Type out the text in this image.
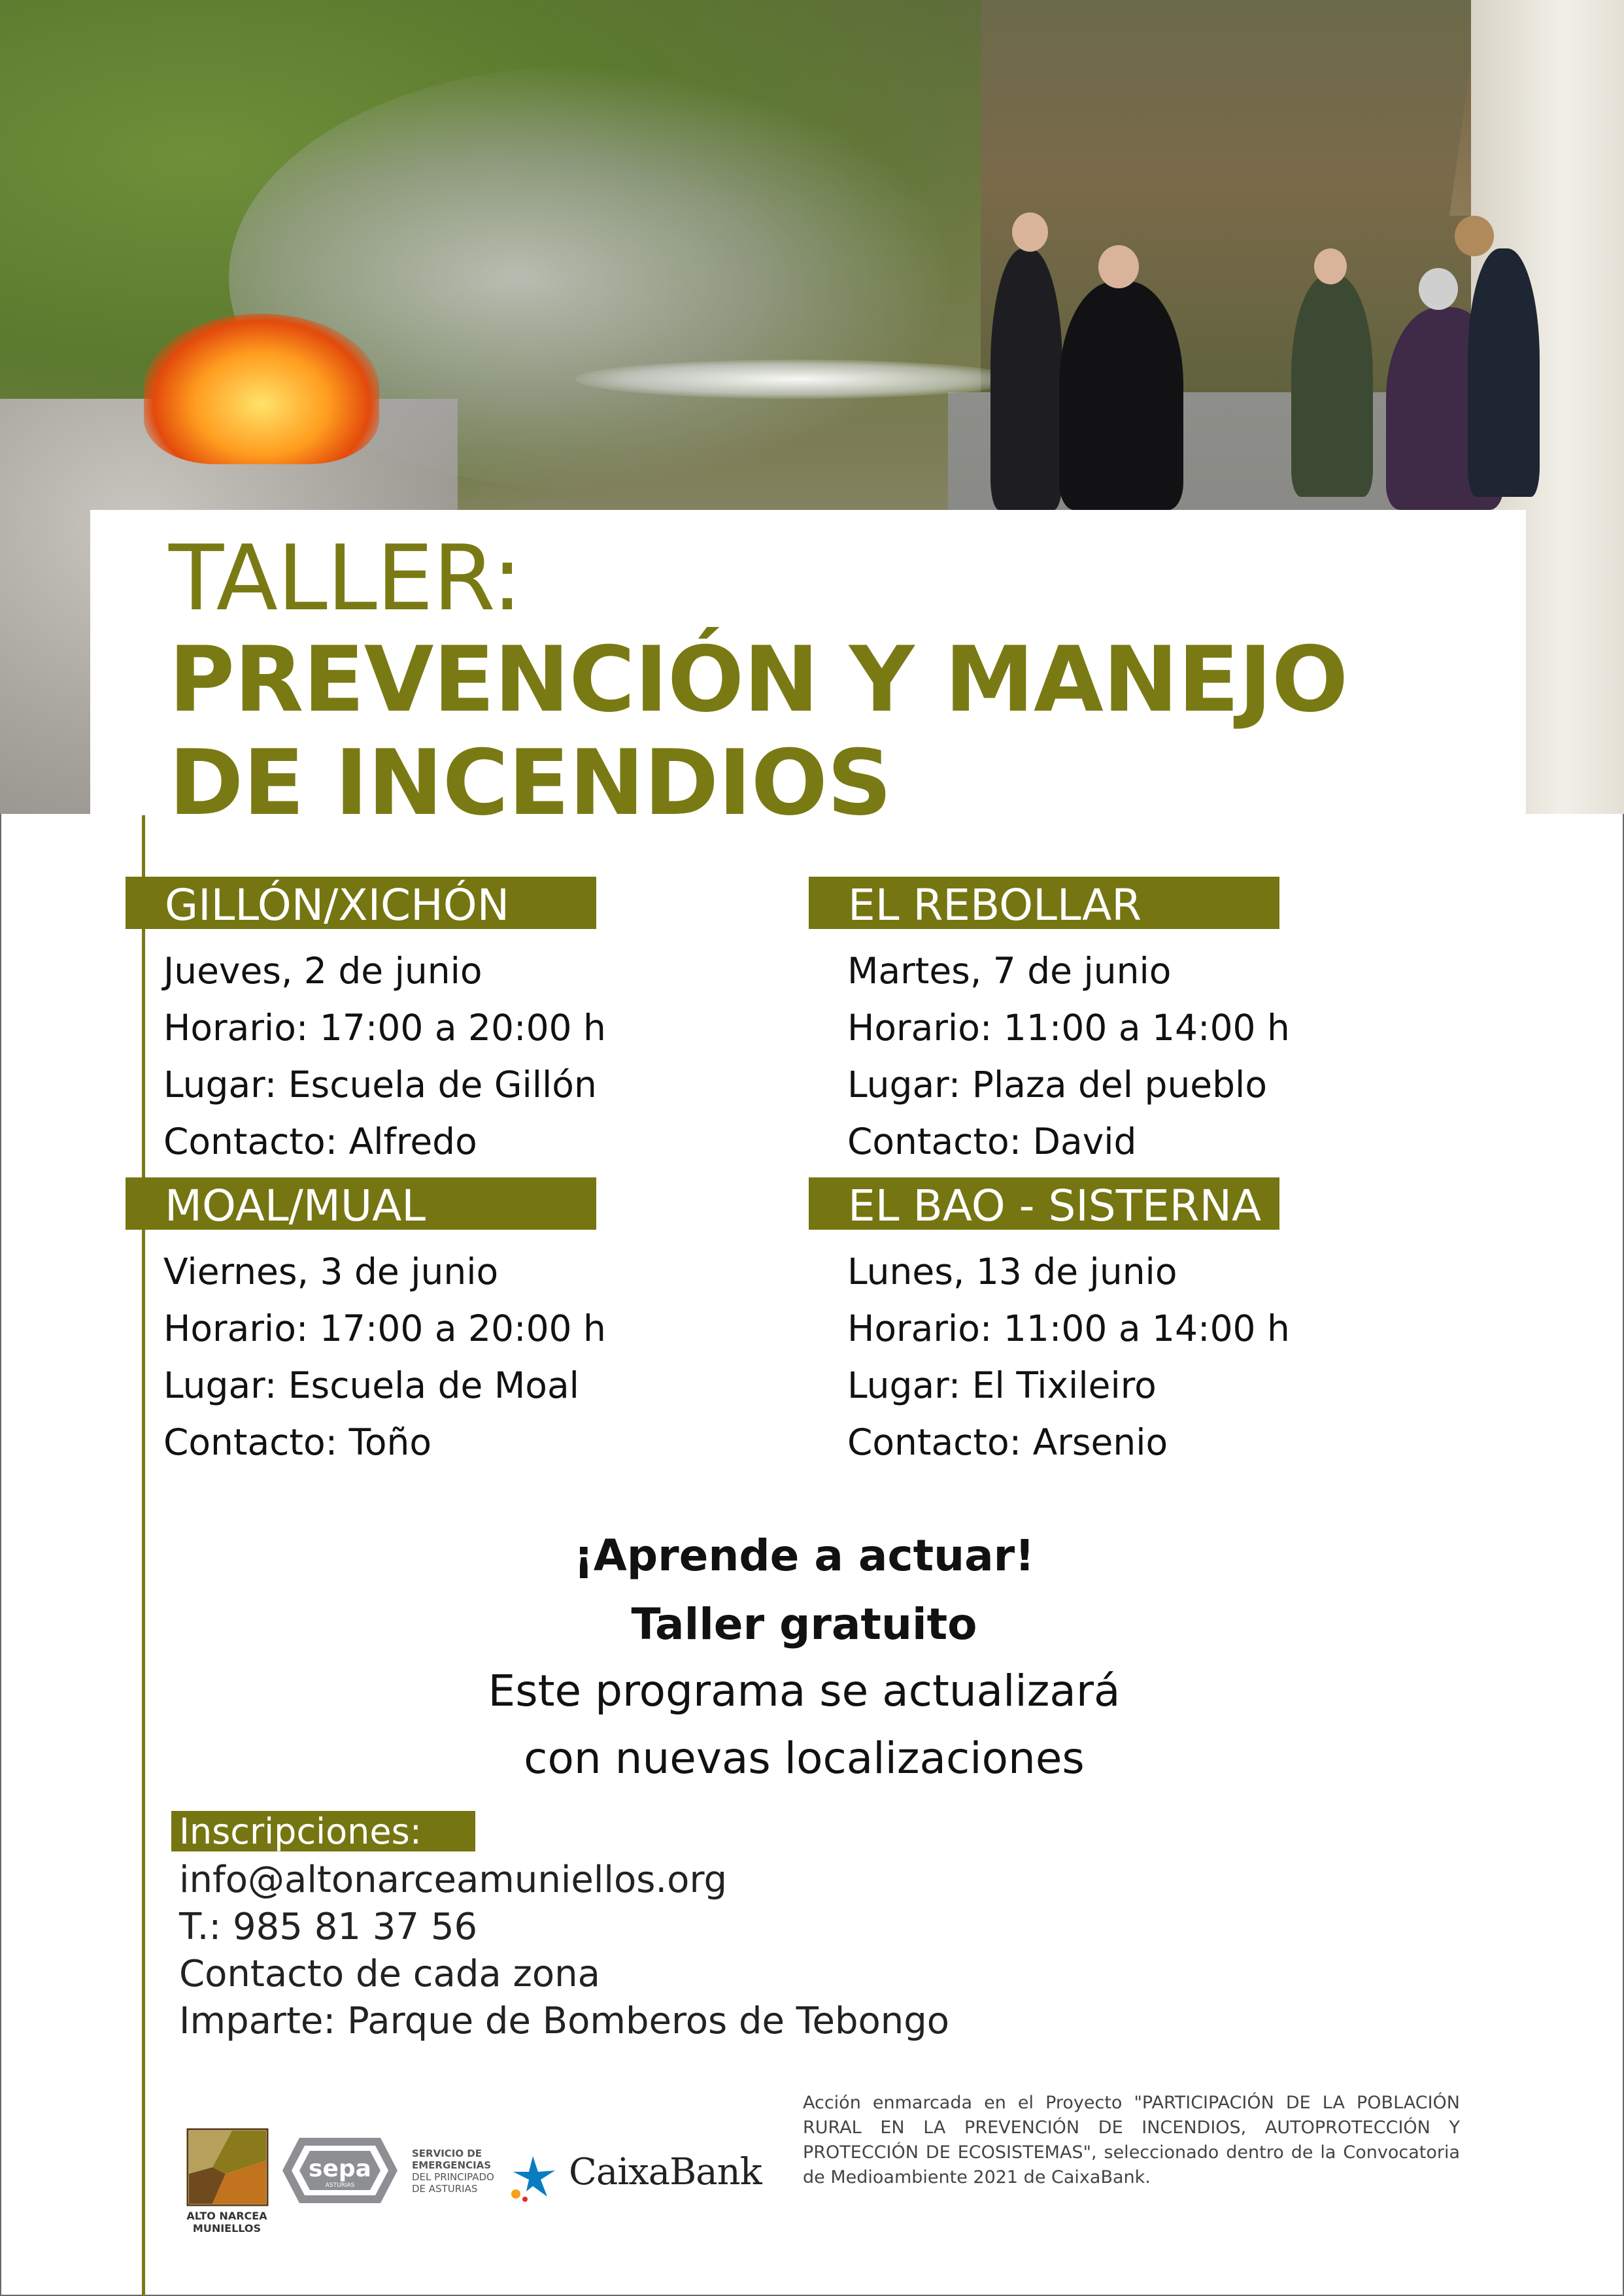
TALLER:
PREVENCIÓN Y MANEJO
DE INCENDIOS
GILLÓN/XICHÓN
Jueves, 2 de junio
Horario: 17:00 a 20:00 h
Lugar: Escuela de Gillón
Contacto: Alfredo
EL REBOLLAR
Martes, 7 de junio
Horario: 11:00 a 14:00 h
Lugar: Plaza del pueblo
Contacto: David
MOAL/MUAL
Viernes, 3 de junio
Horario: 17:00 a 20:00 h
Lugar: Escuela de Moal
Contacto: Toño
EL BAO - SISTERNA
Lunes, 13 de junio
Horario: 11:00 a 14:00 h
Lugar: El Tixileiro
Contacto: Arsenio
¡Aprende a actuar!
Taller gratuito
Este programa se actualizará
con nuevas localizaciones
Inscripciones:
info@altonarceamuniellos.org
T.: 985 81 37 56
Contacto de cada zona
Imparte: Parque de Bomberos de Tebongo
ALTO NARCEA
MUNIELLOS
sepa
ASTURIAS
SERVICIO DE
EMERGENCIAS
DEL PRINCIPADO
DE ASTURIAS	CaixaBank
Acción enmarcada en el Proyecto "PARTICIPACIÓN DE LA POBLACIÓN RURAL EN LA PREVENCIÓN DE INCENDIOS, AUTOPROTECCIÓN Y PROTECCIÓN DE ECOSISTEMAS", seleccionado dentro de la Convocatoria de Medioambiente 2021 de CaixaBank.
